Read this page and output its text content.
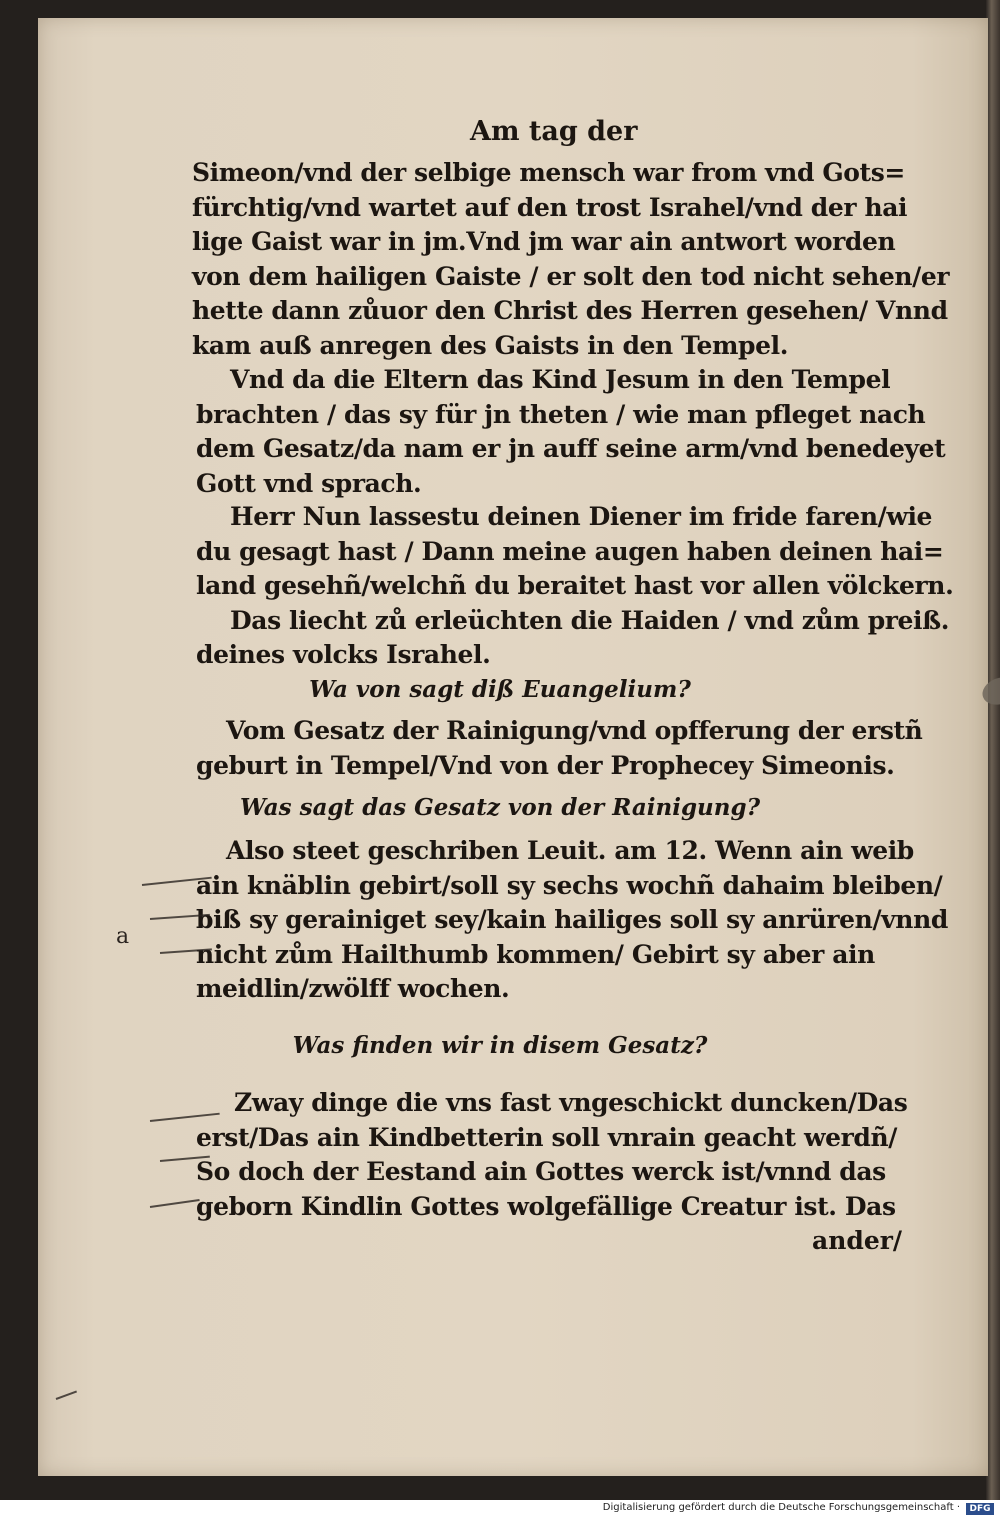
Am tag der
Simeon/vnd der selbige mensch war from vnd Gots=
fürchtig/vnd wartet auf den trost Israhel/vnd der hai
lige Gaist war in jm.Vnd jm war ain antwort worden
von dem hailigen Gaiste / er solt den tod nicht sehen/er
hette dann zůuor den Christ des Herren gesehen/ Vnnd
kam auß anregen des Gaists in den Tempel.
Vnd da die Eltern das Kind Jesum in den Tempel
brachten / das sy für jn theten / wie man pfleget nach
dem Gesatz/da nam er jn auff seine arm/vnd benedeyet
Gott vnd sprach.
Herr Nun lassestu deinen Diener im fride faren/wie
du gesagt hast / Dann meine augen haben deinen hai=
land gesehñ/welchñ du beraitet hast vor allen völckern.
Das liecht zů erleüchten die Haiden / vnd zům preiß.
deines volcks Israhel.
Wa von sagt diß Euangelium?
Vom Gesatz der Rainigung/vnd opfferung der erstñ
geburt in Tempel/Vnd von der Prophecey Simeonis.
Was sagt das Gesatz von der Rainigung?
Also steet geschriben Leuit. am 12. Wenn ain weib
ain knäblin gebirt/soll sy sechs wochñ dahaim bleiben/
biß sy gerainiget sey/kain hailiges soll sy anrüren/vnnd
nicht zům Hailthumb kommen/ Gebirt sy aber ain
meidlin/zwölff wochen.
Was finden wir in disem Gesatz?
Zway dinge die vns fast vngeschickt duncken/Das
erst/Das ain Kindbetterin soll vnrain geacht werdñ/
So doch der Eestand ain Gottes werck ist/vnnd das
geborn Kindlin Gottes wolgefällige Creatur ist. Das
ander/
a
Digitalisierung gefördert durch die Deutsche Forschungsgemeinschaft ·	DFG
